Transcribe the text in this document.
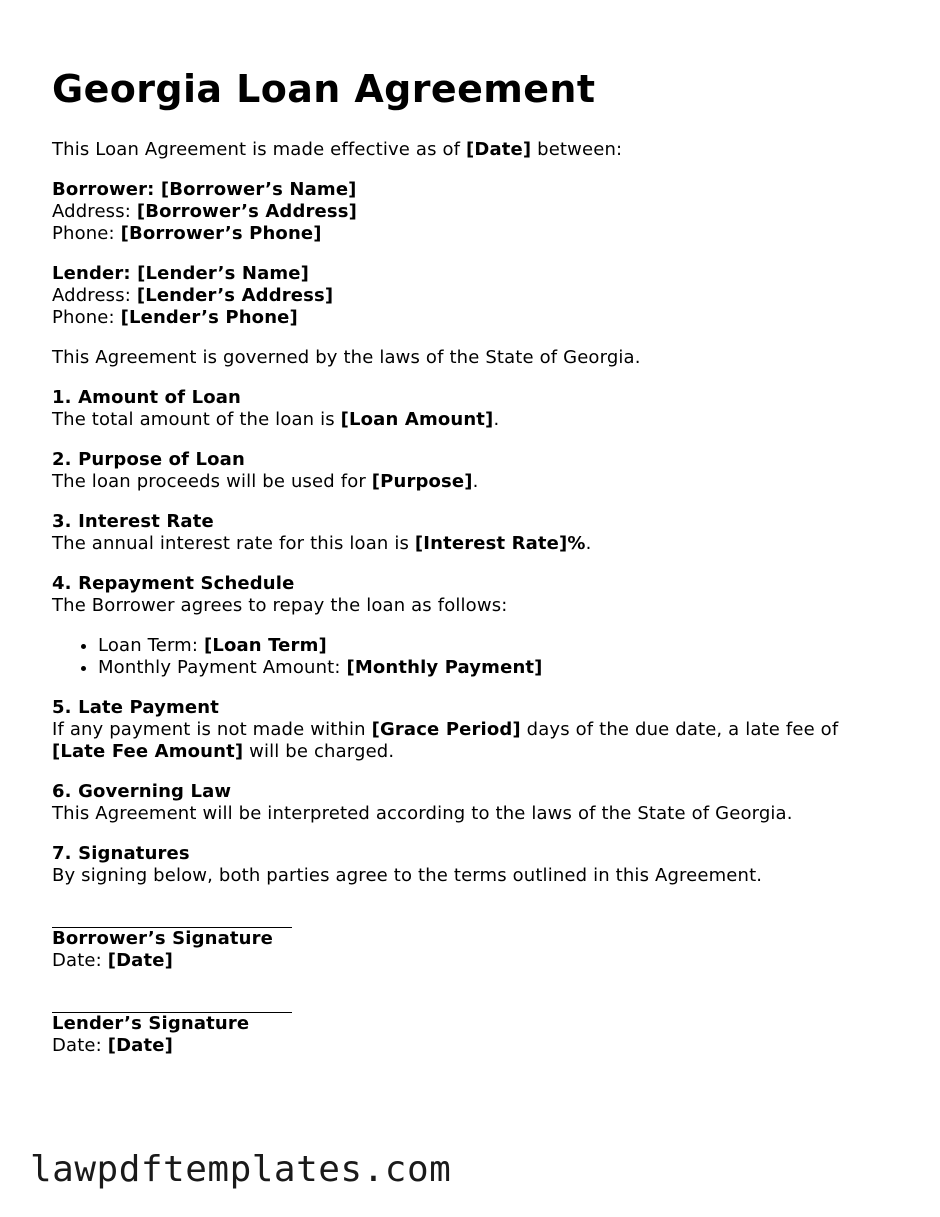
Georgia Loan Agreement

This Loan Agreement is made effective as of [Date] between:

Borrower: [Borrower’s Name]
Address: [Borrower’s Address]
Phone: [Borrower’s Phone]

Lender: [Lender’s Name]
Address: [Lender’s Address]
Phone: [Lender’s Phone]

This Agreement is governed by the laws of the State of Georgia.

1. Amount of Loan
The total amount of the loan is [Loan Amount].

2. Purpose of Loan
The loan proceeds will be used for [Purpose].

3. Interest Rate
The annual interest rate for this loan is [Interest Rate]%.

4. Repayment Schedule
The Borrower agrees to repay the loan as follows:

• Loan Term: [Loan Term]
• Monthly Payment Amount: [Monthly Payment]

5. Late Payment
If any payment is not made within [Grace Period] days of the due date, a late fee of
[Late Fee Amount] will be charged.

6. Governing Law
This Agreement will be interpreted according to the laws of the State of Georgia.

7. Signatures
By signing below, both parties agree to the terms outlined in this Agreement.

Borrower’s Signature
Date: [Date]
Lender’s Signature
Date: [Date]
lawpdftemplates.com
